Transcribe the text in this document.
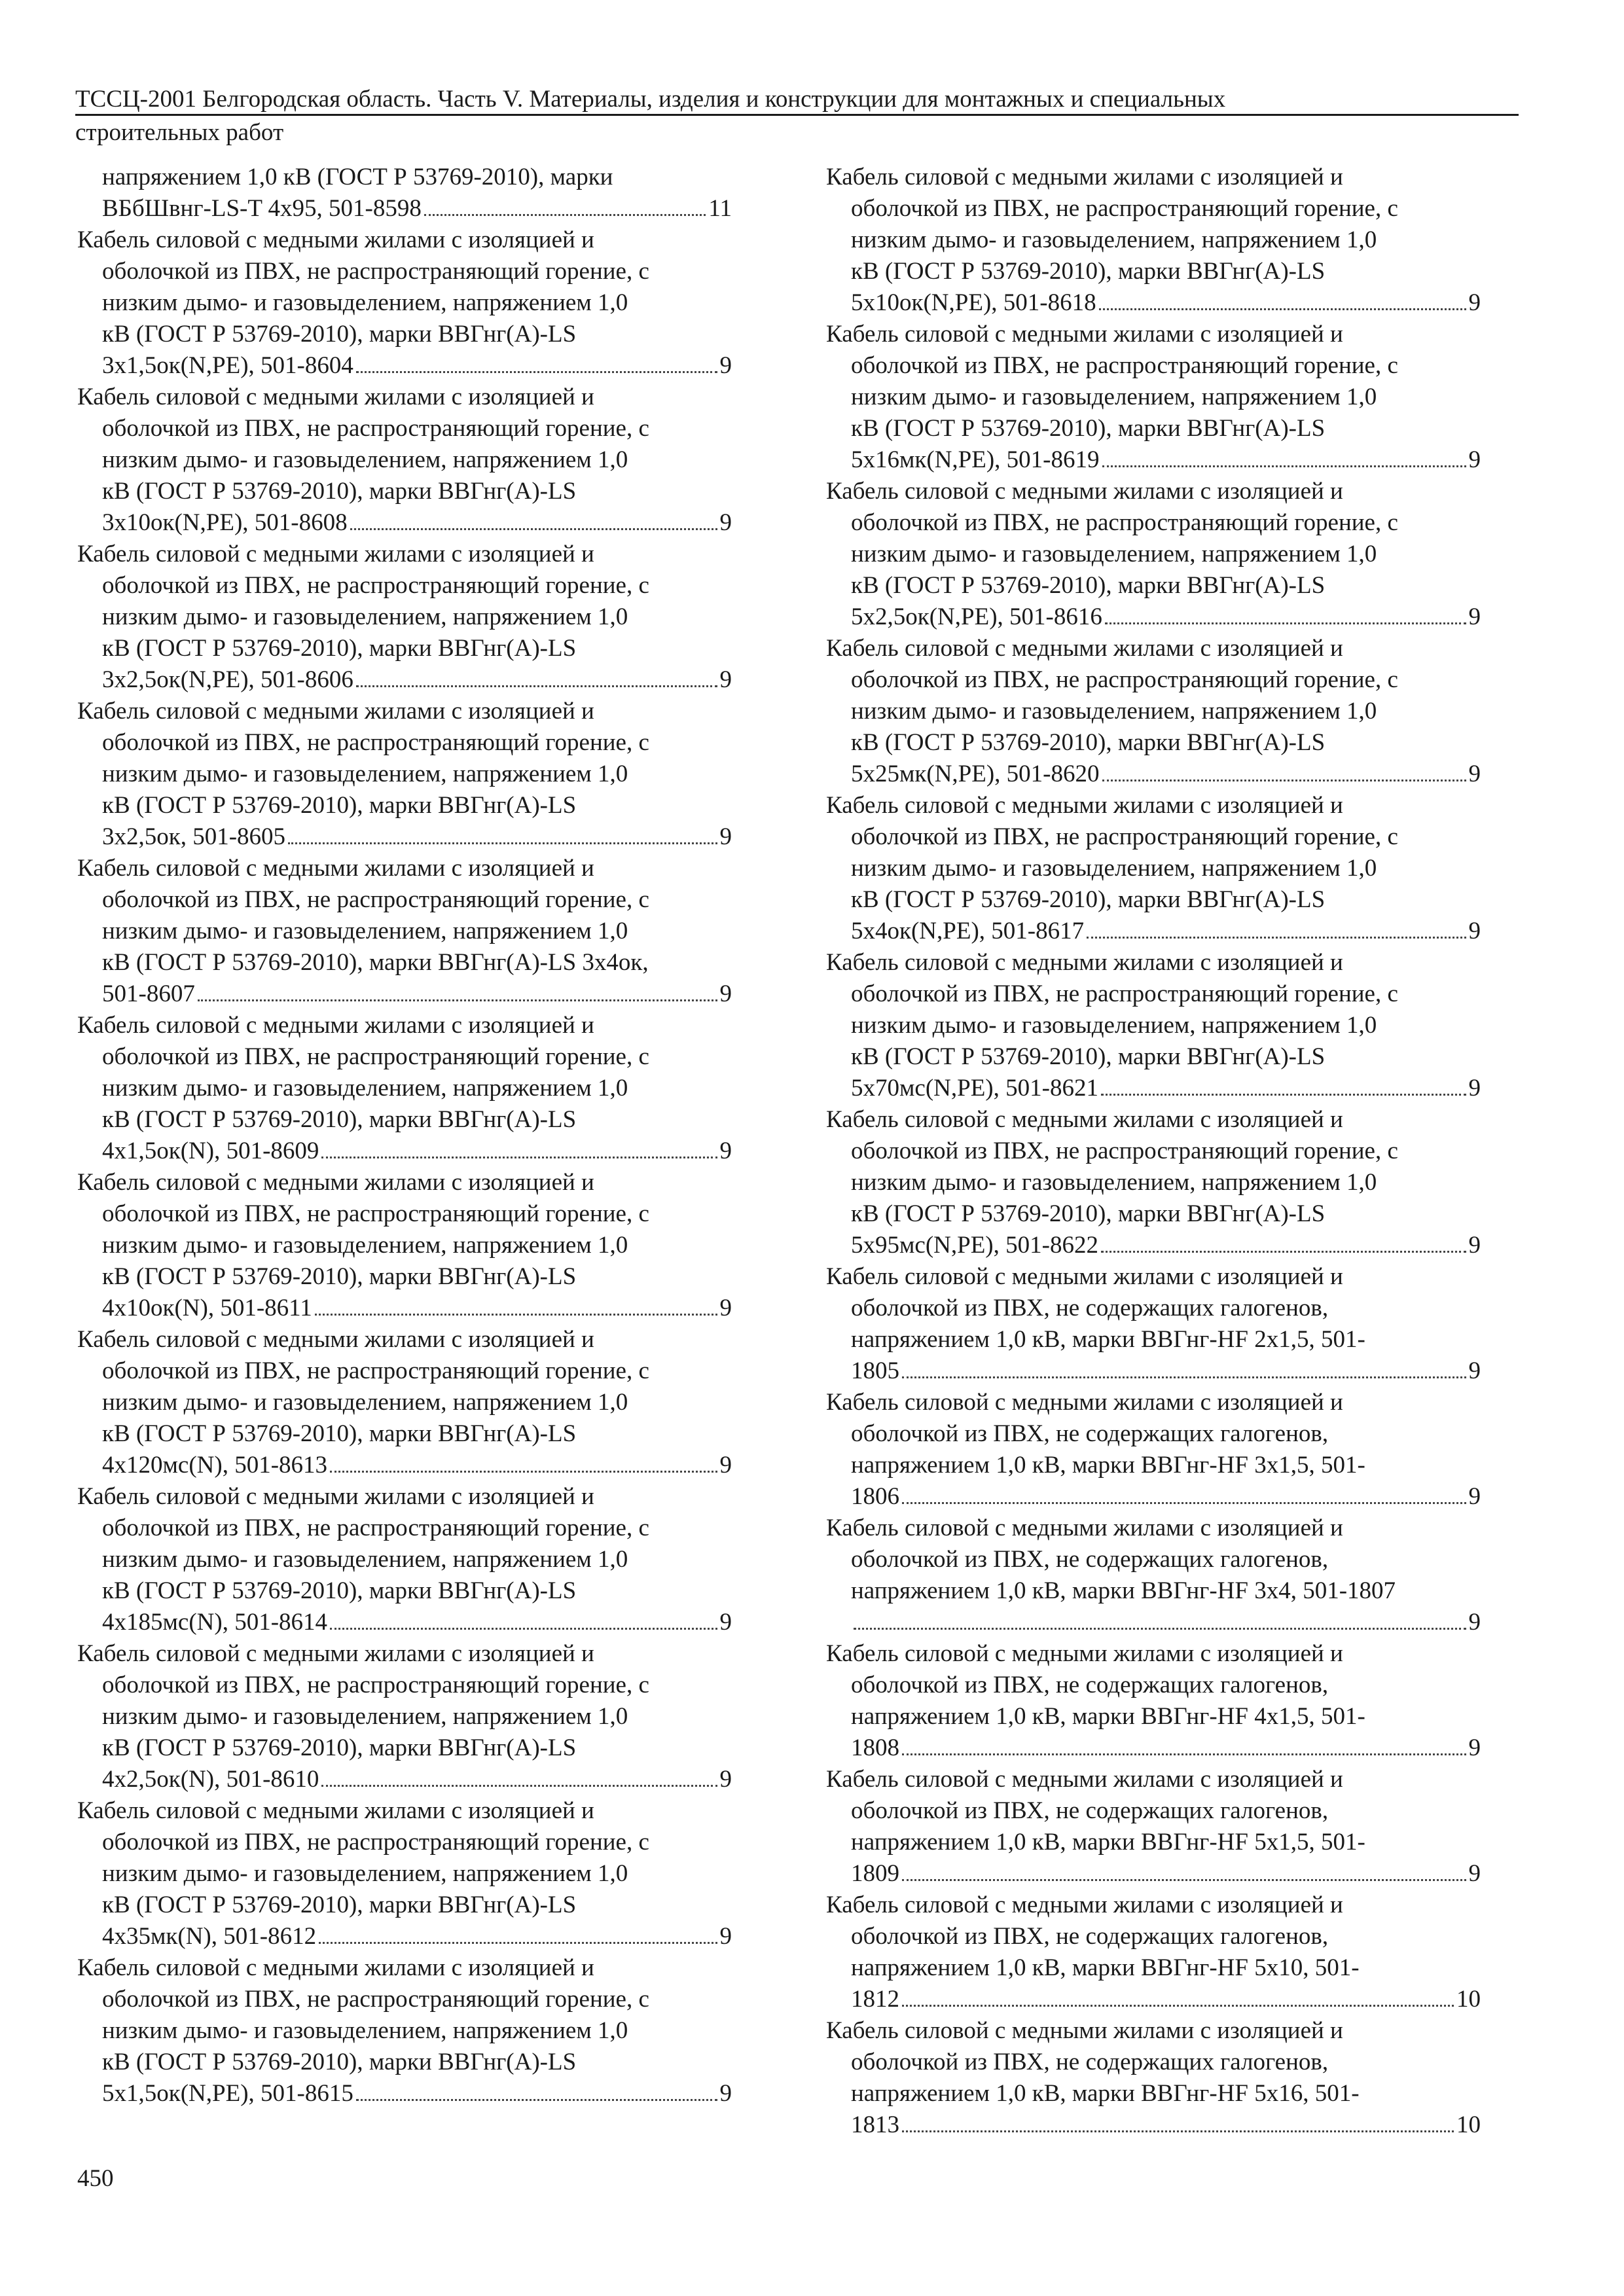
ТССЦ-2001 Белгородская область. Часть V. Материалы, изделия и конструкции для монтажных и специальных
строительных работ
напряжением 1,0 кВ (ГОСТ Р 53769-2010), марки
ВБбШвнг-LS-T 4х95, 501-8598	11
Кабель силовой с медными жилами с изоляцией и
оболочкой из ПВХ, не распространяющий горение, с
низким дымо- и газовыделением, напряжением 1,0
кВ (ГОСТ Р 53769-2010), марки ВВГнг(А)-LS
3х1,5ок(N,PE), 501-8604	9
Кабель силовой с медными жилами с изоляцией и
оболочкой из ПВХ, не распространяющий горение, с
низким дымо- и газовыделением, напряжением 1,0
кВ (ГОСТ Р 53769-2010), марки ВВГнг(А)-LS
3х10ок(N,PE), 501-8608	9
Кабель силовой с медными жилами с изоляцией и
оболочкой из ПВХ, не распространяющий горение, с
низким дымо- и газовыделением, напряжением 1,0
кВ (ГОСТ Р 53769-2010), марки ВВГнг(А)-LS
3х2,5ок(N,PE), 501-8606	9
Кабель силовой с медными жилами с изоляцией и
оболочкой из ПВХ, не распространяющий горение, с
низким дымо- и газовыделением, напряжением 1,0
кВ (ГОСТ Р 53769-2010), марки ВВГнг(А)-LS
3х2,5ок, 501-8605	9
Кабель силовой с медными жилами с изоляцией и
оболочкой из ПВХ, не распространяющий горение, с
низким дымо- и газовыделением, напряжением 1,0
кВ (ГОСТ Р 53769-2010), марки ВВГнг(А)-LS 3х4ок,
501-8607	9
Кабель силовой с медными жилами с изоляцией и
оболочкой из ПВХ, не распространяющий горение, с
низким дымо- и газовыделением, напряжением 1,0
кВ (ГОСТ Р 53769-2010), марки ВВГнг(А)-LS
4х1,5ок(N), 501-8609	9
Кабель силовой с медными жилами с изоляцией и
оболочкой из ПВХ, не распространяющий горение, с
низким дымо- и газовыделением, напряжением 1,0
кВ (ГОСТ Р 53769-2010), марки ВВГнг(А)-LS
4х10ок(N), 501-8611	9
Кабель силовой с медными жилами с изоляцией и
оболочкой из ПВХ, не распространяющий горение, с
низким дымо- и газовыделением, напряжением 1,0
кВ (ГОСТ Р 53769-2010), марки ВВГнг(А)-LS
4х120мс(N), 501-8613	9
Кабель силовой с медными жилами с изоляцией и
оболочкой из ПВХ, не распространяющий горение, с
низким дымо- и газовыделением, напряжением 1,0
кВ (ГОСТ Р 53769-2010), марки ВВГнг(А)-LS
4х185мс(N), 501-8614	9
Кабель силовой с медными жилами с изоляцией и
оболочкой из ПВХ, не распространяющий горение, с
низким дымо- и газовыделением, напряжением 1,0
кВ (ГОСТ Р 53769-2010), марки ВВГнг(А)-LS
4х2,5ок(N), 501-8610	9
Кабель силовой с медными жилами с изоляцией и
оболочкой из ПВХ, не распространяющий горение, с
низким дымо- и газовыделением, напряжением 1,0
кВ (ГОСТ Р 53769-2010), марки ВВГнг(А)-LS
4х35мк(N), 501-8612	9
Кабель силовой с медными жилами с изоляцией и
оболочкой из ПВХ, не распространяющий горение, с
низким дымо- и газовыделением, напряжением 1,0
кВ (ГОСТ Р 53769-2010), марки ВВГнг(А)-LS
5х1,5ок(N,PE), 501-8615	9
Кабель силовой с медными жилами с изоляцией и
оболочкой из ПВХ, не распространяющий горение, с
низким дымо- и газовыделением, напряжением 1,0
кВ (ГОСТ Р 53769-2010), марки ВВГнг(А)-LS
5х10ок(N,PE), 501-8618	9
Кабель силовой с медными жилами с изоляцией и
оболочкой из ПВХ, не распространяющий горение, с
низким дымо- и газовыделением, напряжением 1,0
кВ (ГОСТ Р 53769-2010), марки ВВГнг(А)-LS
5х16мк(N,PE), 501-8619	9
Кабель силовой с медными жилами с изоляцией и
оболочкой из ПВХ, не распространяющий горение, с
низким дымо- и газовыделением, напряжением 1,0
кВ (ГОСТ Р 53769-2010), марки ВВГнг(А)-LS
5х2,5ок(N,PE), 501-8616	9
Кабель силовой с медными жилами с изоляцией и
оболочкой из ПВХ, не распространяющий горение, с
низким дымо- и газовыделением, напряжением 1,0
кВ (ГОСТ Р 53769-2010), марки ВВГнг(А)-LS
5х25мк(N,PE), 501-8620	9
Кабель силовой с медными жилами с изоляцией и
оболочкой из ПВХ, не распространяющий горение, с
низким дымо- и газовыделением, напряжением 1,0
кВ (ГОСТ Р 53769-2010), марки ВВГнг(А)-LS
5х4ок(N,PE), 501-8617	9
Кабель силовой с медными жилами с изоляцией и
оболочкой из ПВХ, не распространяющий горение, с
низким дымо- и газовыделением, напряжением 1,0
кВ (ГОСТ Р 53769-2010), марки ВВГнг(А)-LS
5х70мс(N,PE), 501-8621	9
Кабель силовой с медными жилами с изоляцией и
оболочкой из ПВХ, не распространяющий горение, с
низким дымо- и газовыделением, напряжением 1,0
кВ (ГОСТ Р 53769-2010), марки ВВГнг(А)-LS
5х95мс(N,PE), 501-8622	9
Кабель силовой с медными жилами с изоляцией и
оболочкой из ПВХ, не содержащих галогенов,
напряжением 1,0 кВ, марки ВВГнг-HF 2х1,5, 501-
1805	9
Кабель силовой с медными жилами с изоляцией и
оболочкой из ПВХ, не содержащих галогенов,
напряжением 1,0 кВ, марки ВВГнг-HF 3х1,5, 501-
1806	9
Кабель силовой с медными жилами с изоляцией и
оболочкой из ПВХ, не содержащих галогенов,
напряжением 1,0 кВ, марки ВВГнг-HF 3х4, 501-1807
9
Кабель силовой с медными жилами с изоляцией и
оболочкой из ПВХ, не содержащих галогенов,
напряжением 1,0 кВ, марки ВВГнг-HF 4х1,5, 501-
1808	9
Кабель силовой с медными жилами с изоляцией и
оболочкой из ПВХ, не содержащих галогенов,
напряжением 1,0 кВ, марки ВВГнг-HF 5х1,5, 501-
1809	9
Кабель силовой с медными жилами с изоляцией и
оболочкой из ПВХ, не содержащих галогенов,
напряжением 1,0 кВ, марки ВВГнг-HF 5х10, 501-
1812	10
Кабель силовой с медными жилами с изоляцией и
оболочкой из ПВХ, не содержащих галогенов,
напряжением 1,0 кВ, марки ВВГнг-HF 5х16, 501-
1813	10
450
